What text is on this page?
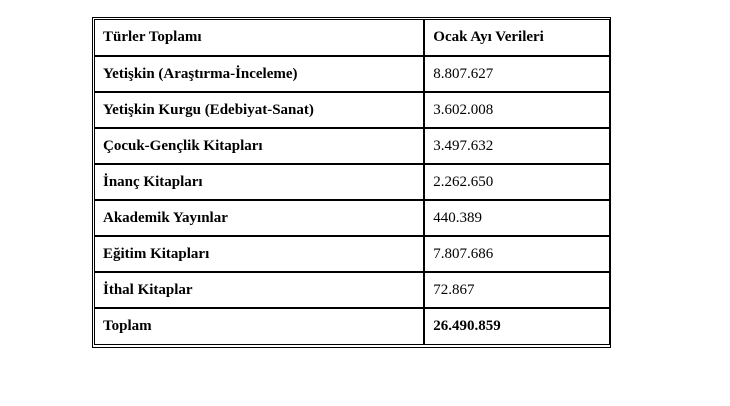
Türler Toplamı	Ocak Ayı Verileri
Yetişkin (Araştırma-İnceleme)	8.807.627
Yetişkin Kurgu (Edebiyat-Sanat)	3.602.008
Çocuk-Gençlik Kitapları	3.497.632
İnanç Kitapları	2.262.650
Akademik Yayınlar	440.389
Eğitim Kitapları	7.807.686
İthal Kitaplar	72.867
Toplam	26.490.859
